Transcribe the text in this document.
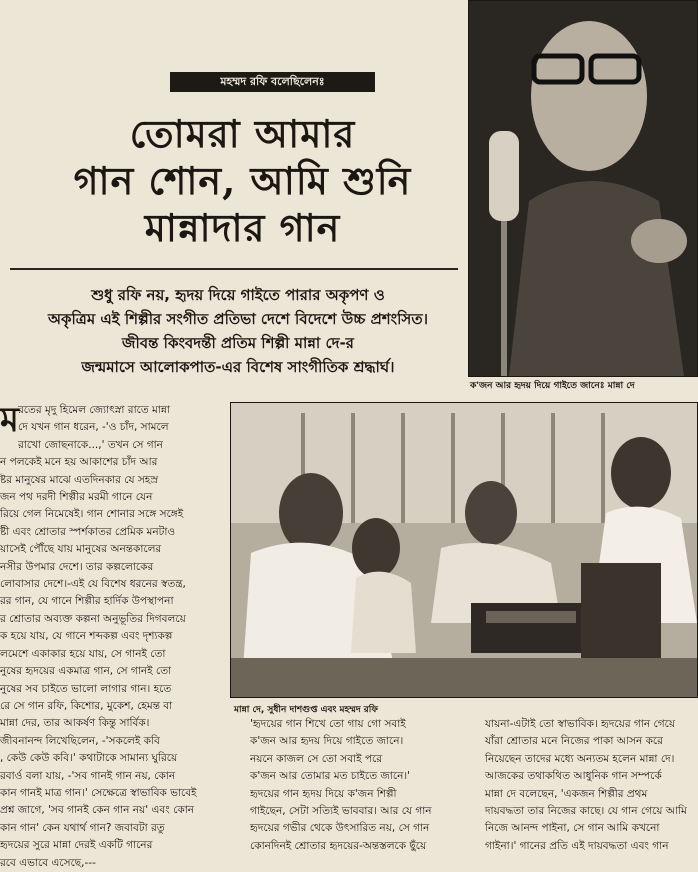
মহম্মদ রফি বলেছিলেনঃ
তোমরা আমার
গান শোন, আমি শুনি
মান্নাদার গান
শুধু রফি নয়, হৃদয় দিয়ে গাইতে পারার অকৃপণ ও
অকৃত্রিম এই শিল্পীর সংগীত প্রতিভা দেশে বিদেশে উচ্চ প্রশংসিত।
জীবন্ত কিংবদন্তী প্রতিম শিল্পী মান্না দে-র
জন্মমাসে আলোকপাত-এর বিশেষ সাংগীতিক শ্রদ্ধার্ঘ।
ক'জন আর হৃদয় দিয়ে গাইতে জানেঃ মান্না দে
মান্না দে, সুধীন দাশগুপ্ত এবং মহম্মদ রফি
ম রতের মৃদু হিমেল জ্যোৎস্না রাতে মান্না
দে যখন গান ধরেন, -'ও চাঁদ, সামলে
রাখো জোছনাকে...,' তখন সে গান
ন পলকেই মনে হয় আকাশের চাঁদ আর
ষ্টর মানুষের মাঝে এতদিনকার যে সহস্র
জন পথ দরদী শিল্পীর মরমী গানে যেন
রিয়ে গেল নিমেষেই। গান শোনার সঙ্গে সঙ্গেই
ষ্টী এবং শ্রোতার স্পর্শকাতর প্রেমিক মনটাও
য়াসেই পৌঁছে যায় মানুষের অনন্তকালের
নসীর উপমার দেশে। তার কল্পলোকের
লোবাসার দেশে।-এই যে বিশেষ ধরনের স্বতন্ত্র,
রর গান, যে গানে শিল্পীর হার্দিক উপস্থাপনা
র শ্রোতার অব্যক্ত কল্পনা অনুভূতির দিগবলয়ে
ক হয়ে যায়, যে গানে শব্দকল্প এবং দৃশ্যকল্প
লমেশে একাকার হয়ে যায়, সে গানই তো
নুষের হৃদয়ের একমাত্র গান, সে গানই তো
নুষের সব চাইতে ভালো লাগার গান। হতে
রে সে গান রফি, কিশোর, মুকেশ, হেমন্ত বা
মান্না দের, তার আকর্ষণ কিন্তু সার্বিক।
জীবনানন্দ লিখেছিলেন, -'সকলেই কবি
, কেউ কেউ কবি।' কথাটাকে সামান্য ঘুরিয়ে
রবার্ও বলা যায়, -'সব গানই গান নয়, কোন
কান গানই মাত্র গান।' সেক্ষেত্রে স্বাভাবিক ভাবেই
প্রশ্ন জাগে, 'সব গানই কেন গান নয়' এবং কোন
কান গান' কেন যথার্থ গান? জবাবটা রতু
হৃদয়ের সুরে মান্না দেরই একটি গানের
রবে এভাবে এসেছে,---
'হৃদয়ের গান শিখে তো গায় গো সবাই
ক'জন আর হৃদয় দিয়ে গাইতে জানে।
নয়নে কাজল সে তো সবাই পরে
ক'জন আর তোমার মত চাইতে জানে।'
হৃদয়ের গান হৃদয় দিয়ে ক'জন শিল্পী
গাইছেন, সেটা সত্যিই ভাববার। আর যে গান
হৃদয়ের গভীর থেকে উৎসারিত নয়, সে গান
কোনদিনই শ্রোতার হৃদয়ের-অন্তস্তলকে ছুঁয়ে
যায়না-এটাই তো স্বাভাবিক। হৃদয়ের গান গেয়ে
যাঁরা শ্রোতার মনে নিজের পাকা আসন করে
নিয়েছেন তাদের মধ্যে অন্যতম হলেন মান্না দে।
আজকের তথাকথিত আধুনিক গান সম্পর্কে
মান্না দে বলেছেন, 'একজন শিল্পীর প্রথম
দায়বদ্ধতা তার নিজের কাছে। যে গান গেয়ে আমি
নিজে আনন্দ পাইনা, সে গান আমি কখনো
গাইনা।' গানের প্রতি এই দায়বদ্ধতা এবং গান
